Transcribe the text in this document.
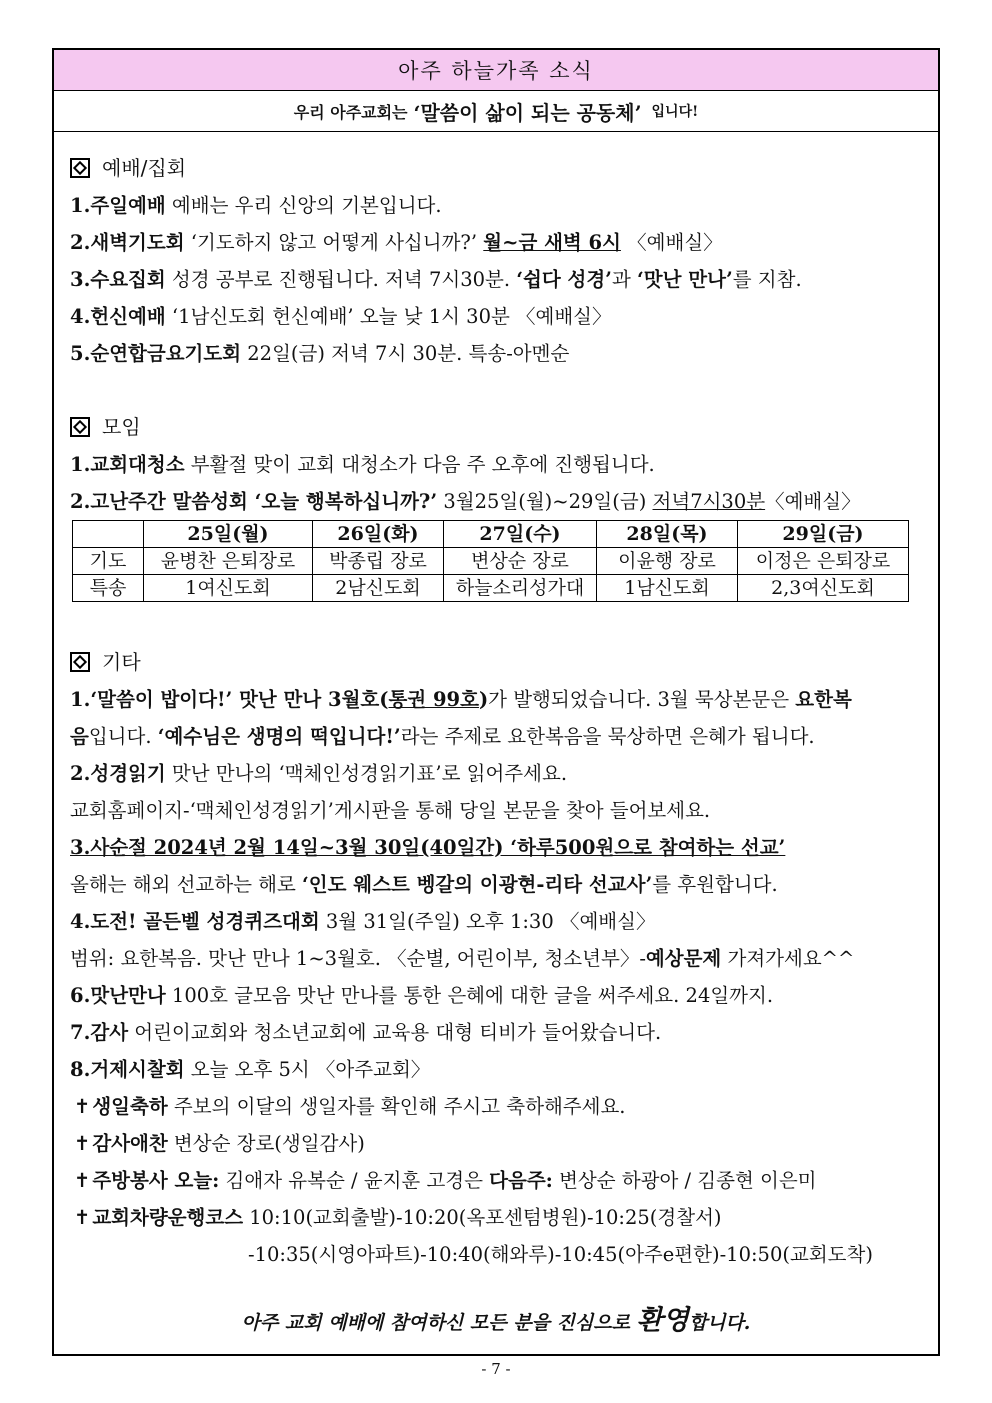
아주 하늘가족 소식
우리 아주교회는 ‘말씀이 삶이 되는 공동체’ 입니다!
예배/집회
1.주일예배 예배는 우리 신앙의 기본입니다.
2.새벽기도회 ‘기도하지 않고 어떻게 사십니까?’ 월~금 새벽 6시 〈예배실〉
3.수요집회 성경 공부로 진행됩니다. 저녁 7시30분. ‘쉽다 성경’과 ‘맛난 만나’를 지참.
4.헌신예배 ‘1남신도회 헌신예배’ 오늘 낮 1시 30분 〈예배실〉
5.순연합금요기도회 22일(금) 저녁 7시 30분. 특송-아멘순
모임
1.교회대청소 부활절 맞이 교회 대청소가 다음 주 오후에 진행됩니다.
2.고난주간 말씀성회 ‘오늘 행복하십니까?’ 3월25일(월)~29일(금) 저녁7시30분〈예배실〉
	25일(월)	26일(화)	27일(수)	28일(목)	29일(금)
기도	윤병찬 은퇴장로	박종립 장로	변상순 장로	이윤행 장로	이정은 은퇴장로
특송	1여신도회	2남신도회	하늘소리성가대	1남신도회	2,3여신도회
기타
1.‘말씀이 밥이다!’ 맛난 만나 3월호(통권 99호)가 발행되었습니다. 3월 묵상본문은 요한복
음입니다. ‘예수님은 생명의 떡입니다!’라는 주제로 요한복음을 묵상하면 은혜가 됩니다.
2.성경읽기 맛난 만나의 ‘맥체인성경읽기표’로 읽어주세요.
교회홈페이지-‘맥체인성경읽기’게시판을 통해 당일 본문을 찾아 들어보세요.
3.사순절 2024년 2월 14일~3월 30일(40일간) ‘하루500원으로 참여하는 선교’
올해는 해외 선교하는 해로 ‘인도 웨스트 벵갈의 이광현-리타 선교사’를 후원합니다.
4.도전! 골든벨 성경퀴즈대회 3월 31일(주일) 오후 1:30 〈예배실〉
범위: 요한복음. 맛난 만나 1~3월호. 〈순별, 어린이부, 청소년부〉-예상문제 가져가세요^^
6.맛난만나 100호 글모음 맛난 만나를 통한 은혜에 대한 글을 써주세요. 24일까지.
7.감사 어린이교회와 청소년교회에 교육용 대형 티비가 들어왔습니다.
8.거제시찰회 오늘 오후 5시 〈아주교회〉
✝ 생일축하 주보의 이달의 생일자를 확인해 주시고 축하해주세요.
✝ 감사애찬 변상순 장로(생일감사)
✝ 주방봉사 오늘: 김애자 유복순 / 윤지훈 고경은 다음주: 변상순 하광아 / 김종현 이은미
✝ 교회차량운행코스 10:10(교회출발)-10:20(옥포센텀병원)-10:25(경찰서)
-10:35(시영아파트)-10:40(해와루)-10:45(아주e편한)-10:50(교회도착)
아주 교회 예배에 참여하신 모든 분을 진심으로 환영합니다.
- 7 -
